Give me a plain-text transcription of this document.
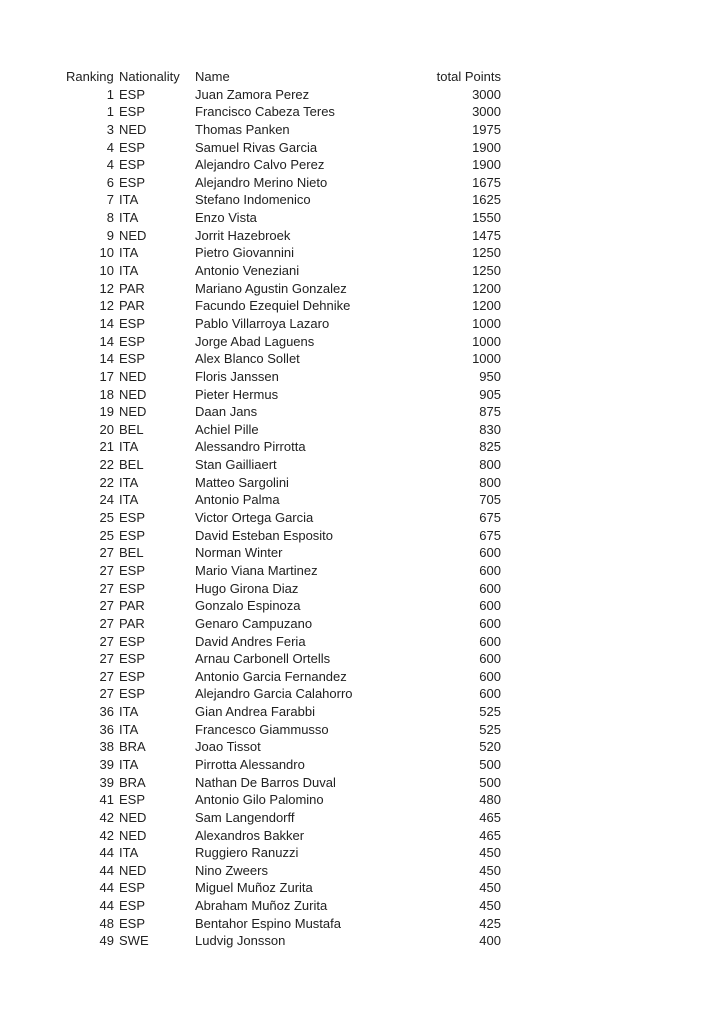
Ranking Nationality	Name	total Points
1 ESP	Juan Zamora Perez	3000
1 ESP	Francisco Cabeza Teres	3000
3 NED	Thomas Panken	1975
4 ESP	Samuel Rivas Garcia	1900
4 ESP	Alejandro Calvo Perez	1900
6 ESP	Alejandro Merino Nieto	1675
7 ITA	Stefano Indomenico	1625
8 ITA	Enzo Vista	1550
9 NED	Jorrit Hazebroek	1475
10 ITA	Pietro Giovannini	1250
10 ITA	Antonio Veneziani	1250
12 PAR	Mariano Agustin Gonzalez	1200
12 PAR	Facundo Ezequiel Dehnike	1200
14 ESP	Pablo Villarroya Lazaro	1000
14 ESP	Jorge Abad Laguens	1000
14 ESP	Alex Blanco Sollet	1000
17 NED	Floris Janssen	950
18 NED	Pieter Hermus	905
19 NED	Daan Jans	875
20 BEL	Achiel Pille	830
21 ITA	Alessandro Pirrotta	825
22 BEL	Stan Gailliaert	800
22 ITA	Matteo Sargolini	800
24 ITA	Antonio Palma	705
25 ESP	Victor Ortega Garcia	675
25 ESP	David Esteban Esposito	675
27 BEL	Norman Winter	600
27 ESP	Mario Viana Martinez	600
27 ESP	Hugo Girona Diaz	600
27 PAR	Gonzalo Espinoza	600
27 PAR	Genaro Campuzano	600
27 ESP	David Andres Feria	600
27 ESP	Arnau Carbonell Ortells	600
27 ESP	Antonio Garcia Fernandez	600
27 ESP	Alejandro Garcia Calahorro	600
36 ITA	Gian Andrea Farabbi	525
36 ITA	Francesco Giammusso	525
38 BRA	Joao Tissot	520
39 ITA	Pirrotta Alessandro	500
39 BRA	Nathan De Barros Duval	500
41 ESP	Antonio Gilo Palomino	480
42 NED	Sam Langendorff	465
42 NED	Alexandros Bakker	465
44 ITA	Ruggiero Ranuzzi	450
44 NED	Nino Zweers	450
44 ESP	Miguel Muñoz Zurita	450
44 ESP	Abraham Muñoz Zurita	450
48 ESP	Bentahor Espino Mustafa	425
49 SWE	Ludvig Jonsson	400
